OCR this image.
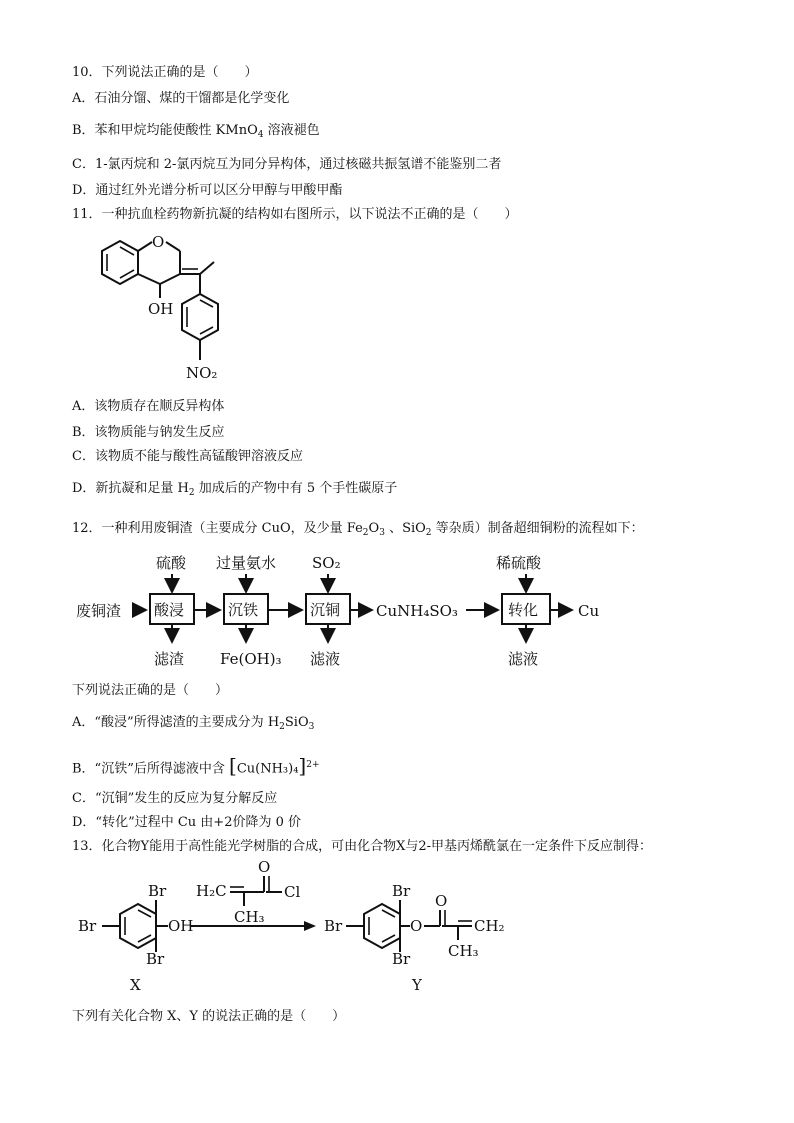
10．下列说法正确的是（　　）

A．石油分馏、煤的干馏都是化学变化

B．苯和甲烷均能使酸性 KMnO$_4$ 溶液褪色

C．1-氯丙烷和 2-氯丙烷互为同分异构体，通过核磁共振氢谱不能鉴别二者

D．通过红外光谱分析可以区分甲醇与甲酸甲酯

11．一种抗血栓药物新抗凝的结构如右图所示，以下说法不正确的是（　　）

O
OH
NO₂

A．该物质存在顺反异构体

B．该物质能与钠发生反应

C．该物质不能与酸性高锰酸钾溶液反应

D．新抗凝和足量 $H_2$ 加成后的产物中有 5 个手性碳原子

12．一种利用废铜渣（主要成分 CuO，及少量 $Fe_2O_3$ 、SiO$_2$ 等杂质）制备超细铜粉的流程如下：

废铜渣
硫酸
酸浸
滤渣
过量氨水
沉铁
Fe(OH)₃
SO₂
沉铜
滤液
CuNH₄SO₃
稀硫酸
转化
滤液
Cu

下列说法正确的是（　　）

A．“酸浸”所得滤渣的主要成分为 $H_2SiO_3$

B．“沉铁”后所得滤液中含 $[Cu(NH_3)_4]^{2+}$

C．“沉铜”发生的反应为复分解反应

D．“转化”过程中 Cu 由+2价降为 0 价

13．化合物Y能用于高性能光学树脂的合成，可由化合物X与2-甲基丙烯酰氯在一定条件下反应制得：

Br
Br
Br	OH
X
H₂C
CH₃
O
Cl
Br
Br
Br
O
O
CH₂
CH₃
Y

下列有关化合物 X、Y 的说法正确的是（　　）
